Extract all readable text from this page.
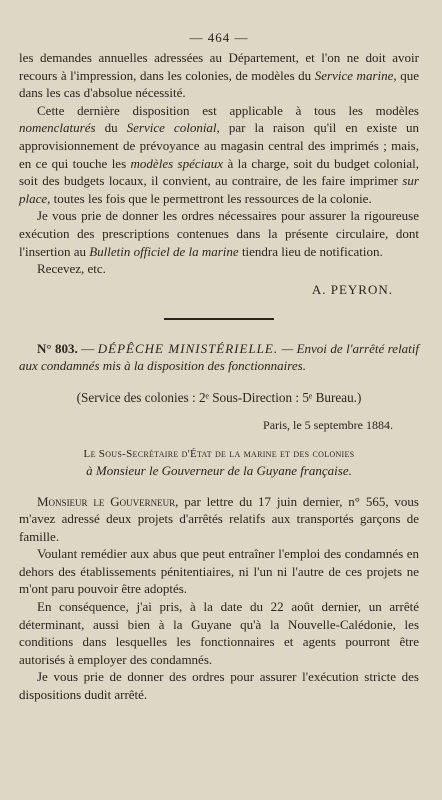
— 464 —

les demandes annuelles adressées au Département, et l'on ne doit avoir recours à l'impression, dans les colonies, de modèles du Service marine, que dans les cas d'absolue nécessité.

Cette dernière disposition est applicable à tous les modèles nomenclaturés du Service colonial, par la raison qu'il en existe un approvisionnement de prévoyance au magasin central des imprimés ; mais, en ce qui touche les modèles spéciaux à la charge, soit du budget colonial, soit des budgets locaux, il convient, au contraire, de les faire imprimer sur place, toutes les fois que le permettront les ressources de la colonie.

Je vous prie de donner les ordres nécessaires pour assurer la rigoureuse exécution des prescriptions contenues dans la présente circulaire, dont l'insertion au Bulletin officiel de la marine tiendra lieu de notification.

Recevez, etc.

A. PEYRON.

N° 803. — DÉPÊCHE MINISTÉRIELLE. — Envoi de l'arrêté relatif aux condamnés mis à la disposition des fonctionnaires.

(Service des colonies : 2ᵉ Sous-Direction : 5ᵉ Bureau.)
Paris, le 5 septembre 1884.
Le Sous-Secrétaire d'État de la marine et des colonies

à Monsieur le Gouverneur de la Guyane française.

Monsieur le Gouverneur, par lettre du 17 juin dernier, n° 565, vous m'avez adressé deux projets d'arrêtés relatifs aux transportés garçons de famille.

Voulant remédier aux abus que peut entraîner l'emploi des condamnés en dehors des établissements pénitentiaires, ni l'un ni l'autre de ces projets ne m'ont paru pouvoir être adoptés.

En conséquence, j'ai pris, à la date du 22 août dernier, un arrêté déterminant, aussi bien à la Guyane qu'à la Nouvelle-Calédonie, les conditions dans lesquelles les fonctionnaires et agents pourront être autorisés à employer des condamnés.

Je vous prie de donner des ordres pour assurer l'exécution stricte des dispositions dudit arrêté.
